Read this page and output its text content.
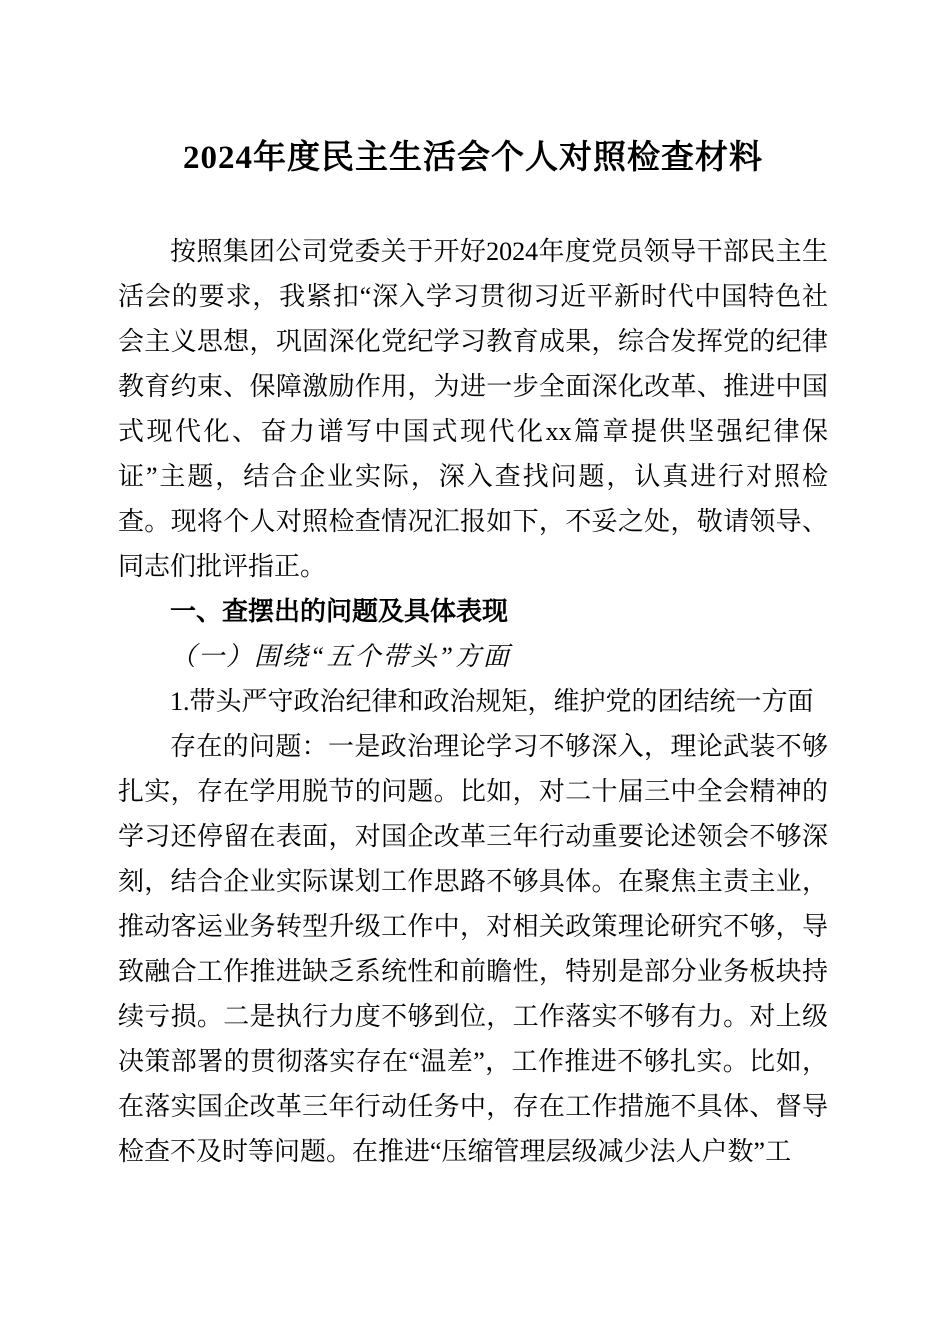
2024年度民主生活会个人对照检查材料

按照集团公司党委关于开好2024年度党员领导干部民主生活会的要求，我紧扣“深入学习贯彻习近平新时代中国特色社会主义思想，巩固深化党纪学习教育成果，综合发挥党的纪律教育约束、保障激励作用，为进一步全面深化改革、推进中国式现代化、奋力谱写中国式现代化xx篇章提供坚强纪律保证”主题，结合企业实际，深入查找问题，认真进行对照检查。现将个人对照检查情况汇报如下，不妥之处，敬请领导、同志们批评指正。

一、查摆出的问题及具体表现
（一）围绕“五个带头”方面

1.带头严守政治纪律和政治规矩，维护党的团结统一方面

存在的问题：一是政治理论学习不够深入，理论武装不够扎实，存在学用脱节的问题。比如，对二十届三中全会精神的学习还停留在表面，对国企改革三年行动重要论述领会不够深刻，结合企业实际谋划工作思路不够具体。在聚焦主责主业，推动客运业务转型升级工作中，对相关政策理论研究不够，导致融合工作推进缺乏系统性和前瞻性，特别是部分业务板块持续亏损。二是执行力度不够到位，工作落实不够有力。对上级决策部署的贯彻落实存在“温差”，工作推进不够扎实。比如，在落实国企改革三年行动任务中，存在工作措施不具体、督导检查不及时等问题。在推进“压缩管理层级减少法人户数”工
